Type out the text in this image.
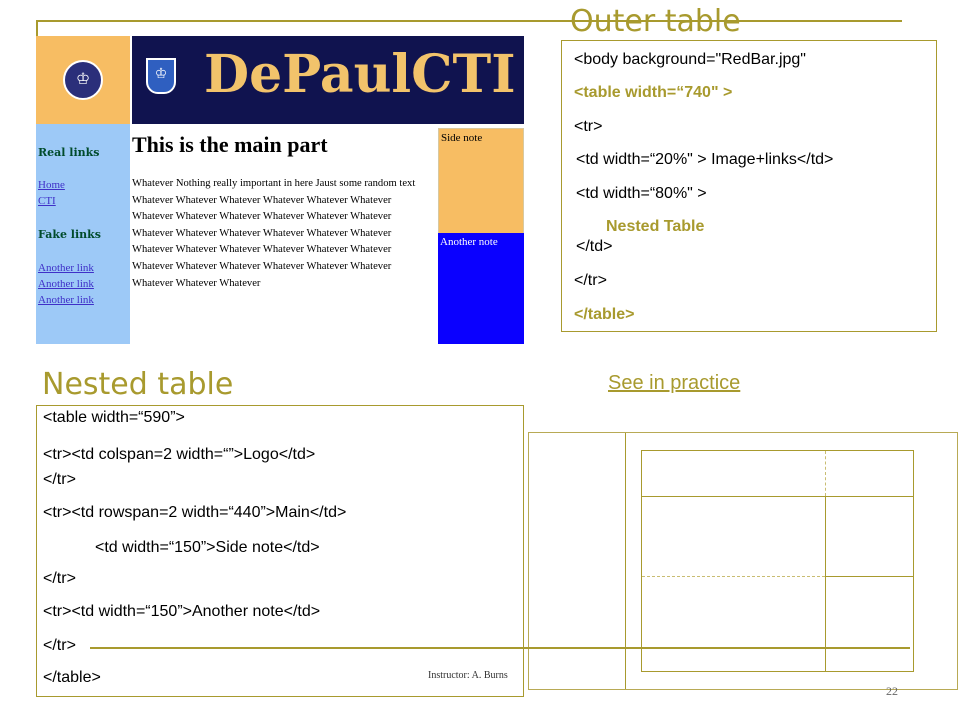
♔	♔ DePaulCTI
Real links
Home
CTI
Fake links
Another link
Another link
Another link
This is the main part
Whatever Nothing really important in here Jaust some random text Whatever Whatever Whatever Whatever Whatever Whatever Whatever Whatever Whatever Whatever Whatever Whatever Whatever Whatever Whatever Whatever Whatever Whatever Whatever Whatever Whatever Whatever Whatever Whatever Whatever Whatever Whatever Whatever Whatever Whatever Whatever Whatever Whatever
Side note
Another note
Outer table
<body background="RedBar.jpg"
<table width=“740" >
<tr>
<td width=“20%" > Image+links</td>
<td width=“80%" >
Nested Table
</td>
</tr>
</table>
Nested table
<table width=“590”>
<tr><td colspan=2 width=“”>Logo</td>
</tr>
<tr><td rowspan=2 width=“440”>Main</td>
<td width=“150”>Side note</td>
</tr>
<tr><td width=“150”>Another note</td>
</tr>
</table>
See in practice
Instructor: A. Burns
22
